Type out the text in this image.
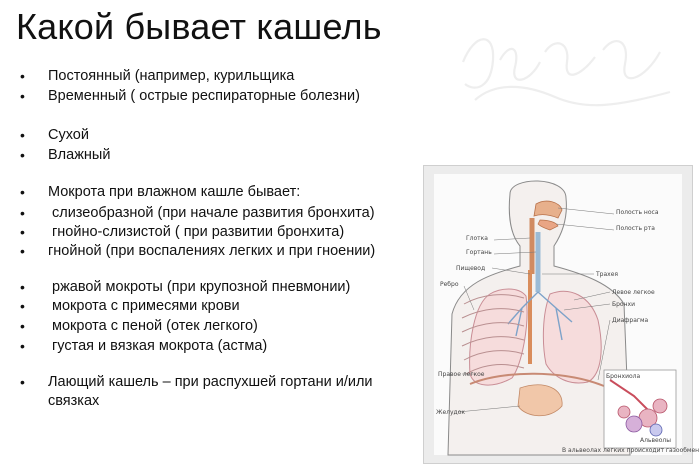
Какой бывает кашель
• Постоянный (например, курильщика
• Временный ( острые респираторные болезни)
• Сухой
• Влажный
• Мокрота при влажном кашле бывает:
• слизеобразной (при начале развития бронхита)
• гнойно-слизистой ( при развитии бронхита)
• гнойной (при воспалениях легких и при гноении)
• ржавой мокроты (при крупозной пневмонии)
• мокрота с примесями крови
• мокрота с пеной (отек легкого)
• густая и вязкая мокрота (астма)
• Лающий кашель – при распухшей гортани и/или связках
Полость носа
Полость рта
Глотка
Гортань
Пищевод
Трахея
Ребро
Левое легкое
Бронхи
Диафрагма
Правое легкое
Желудок
Бронхиола
Альвеолы
В альвеолах легких происходит газообмен
